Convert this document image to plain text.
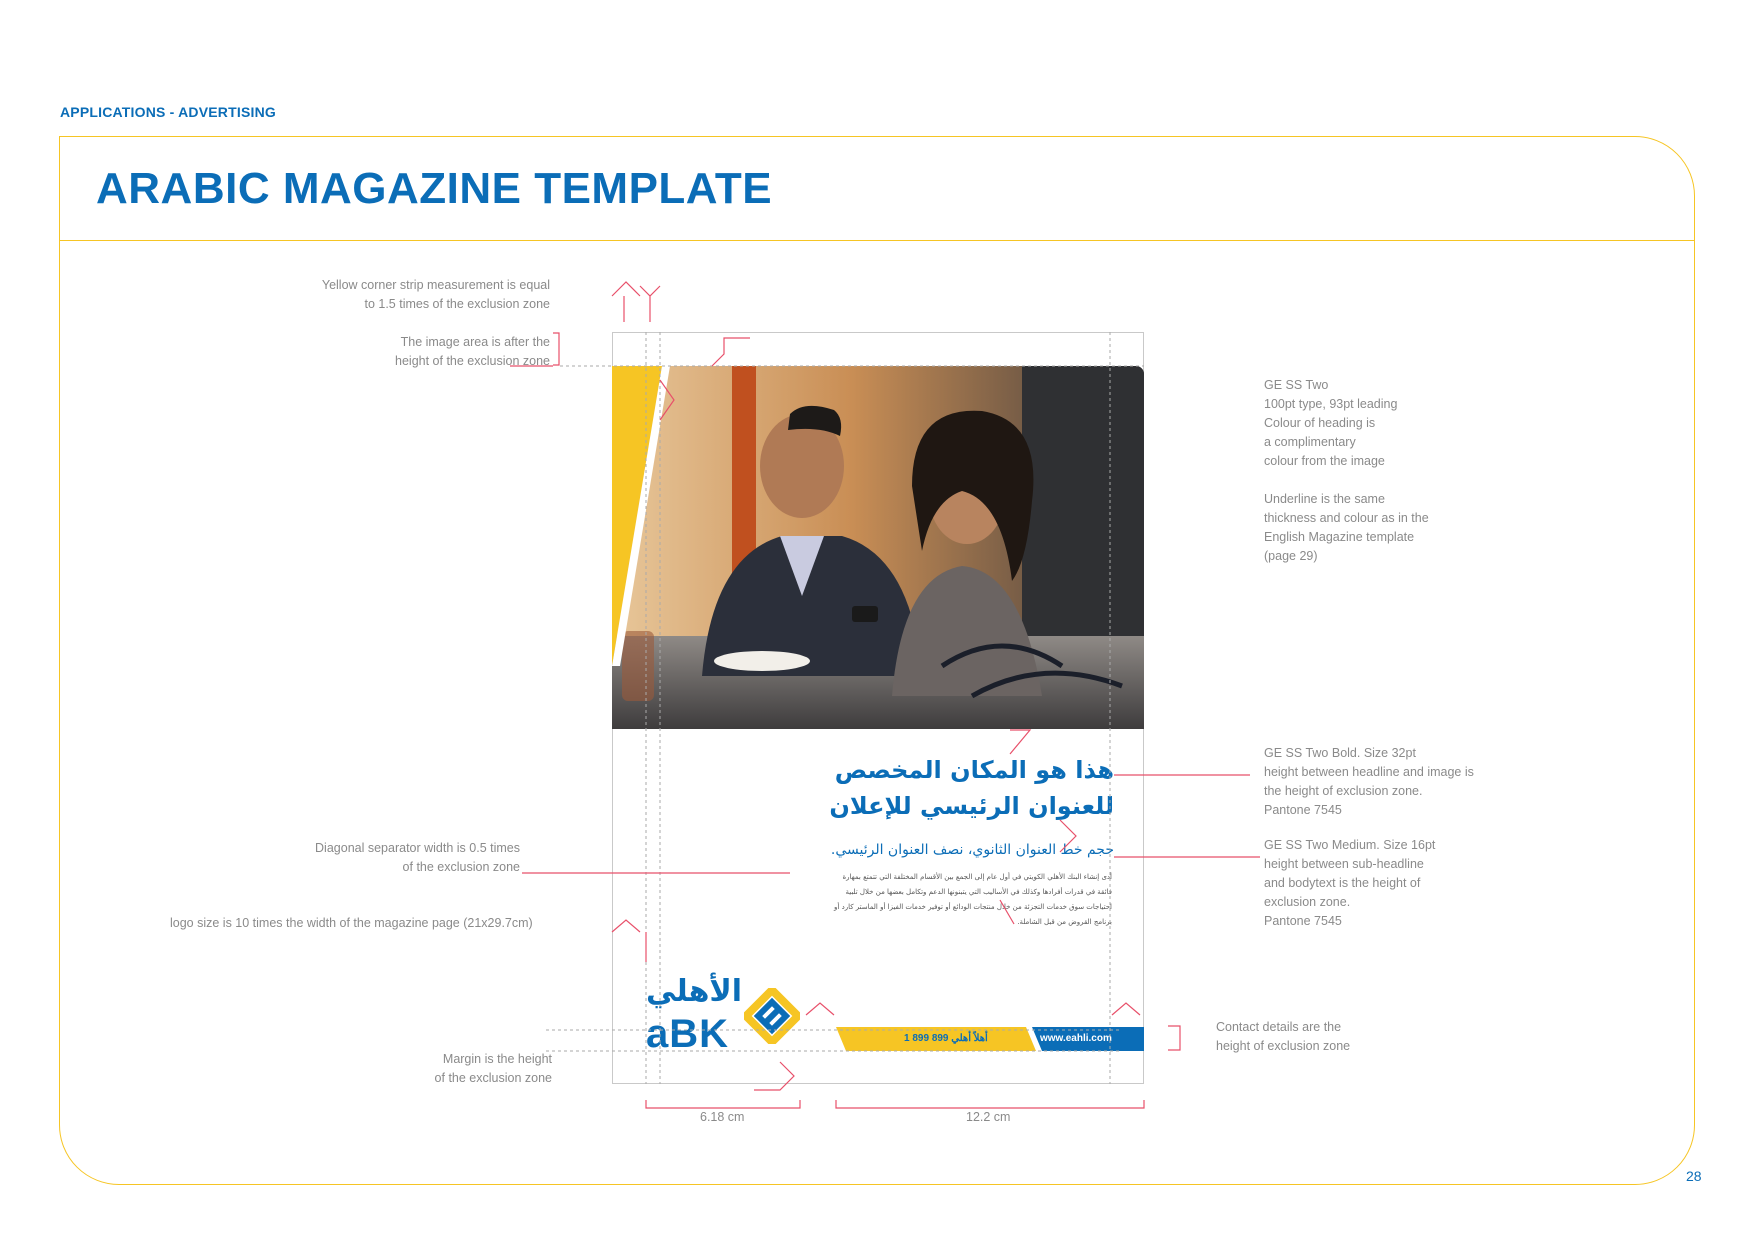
APPLICATIONS - ADVERTISING
ARABIC MAGAZINE TEMPLATE
28
Yellow corner strip measurement is equal
to 1.5 times of the exclusion zone
The image area is after the
height of the exclusion zone
Diagonal separator width is 0.5 times
of the exclusion zone
logo size is 10 times the width of the magazine page (21x29.7cm)
Margin is the height
of the exclusion zone
GE SS Two
100pt type, 93pt leading
Colour of heading is
a complimentary
colour from the image

Underline is the same
thickness and colour as in the
English Magazine template
(page 29)
GE SS Two Bold. Size 32pt
height between headline and image is
the height of exclusion zone.
Pantone 7545
GE SS Two Medium. Size 16pt
height between sub-headline
and bodytext is the height of
exclusion zone.
Pantone 7545
Contact details are the
height of exclusion zone
هذا هو المكان المخصص للعنوان الرئيسي للإعلان
حجم خط العنوان الثانوي، نصف العنوان الرئيسي.
أدى إنشاء البنك الأهلي الكويتي في أول عام إلى الجمع بين الأقسام المختلفة التي تتمتع بمهارة فائقة في قدرات أفرادها وكذلك في الأساليب التي يتبنونها الدعم وتكامل بعضها من خلال تلبية احتياجات سوق خدمات التجزئة من خلال منتجات الودائع أو توفير خدمات الفيزا أو الماستر كارد أو برنامج القروض من قبل الشاملة.
الأهلي
aBK	أهلاً أهلي 899 899 1	www.eahli.com
6.18 cm	12.2 cm
